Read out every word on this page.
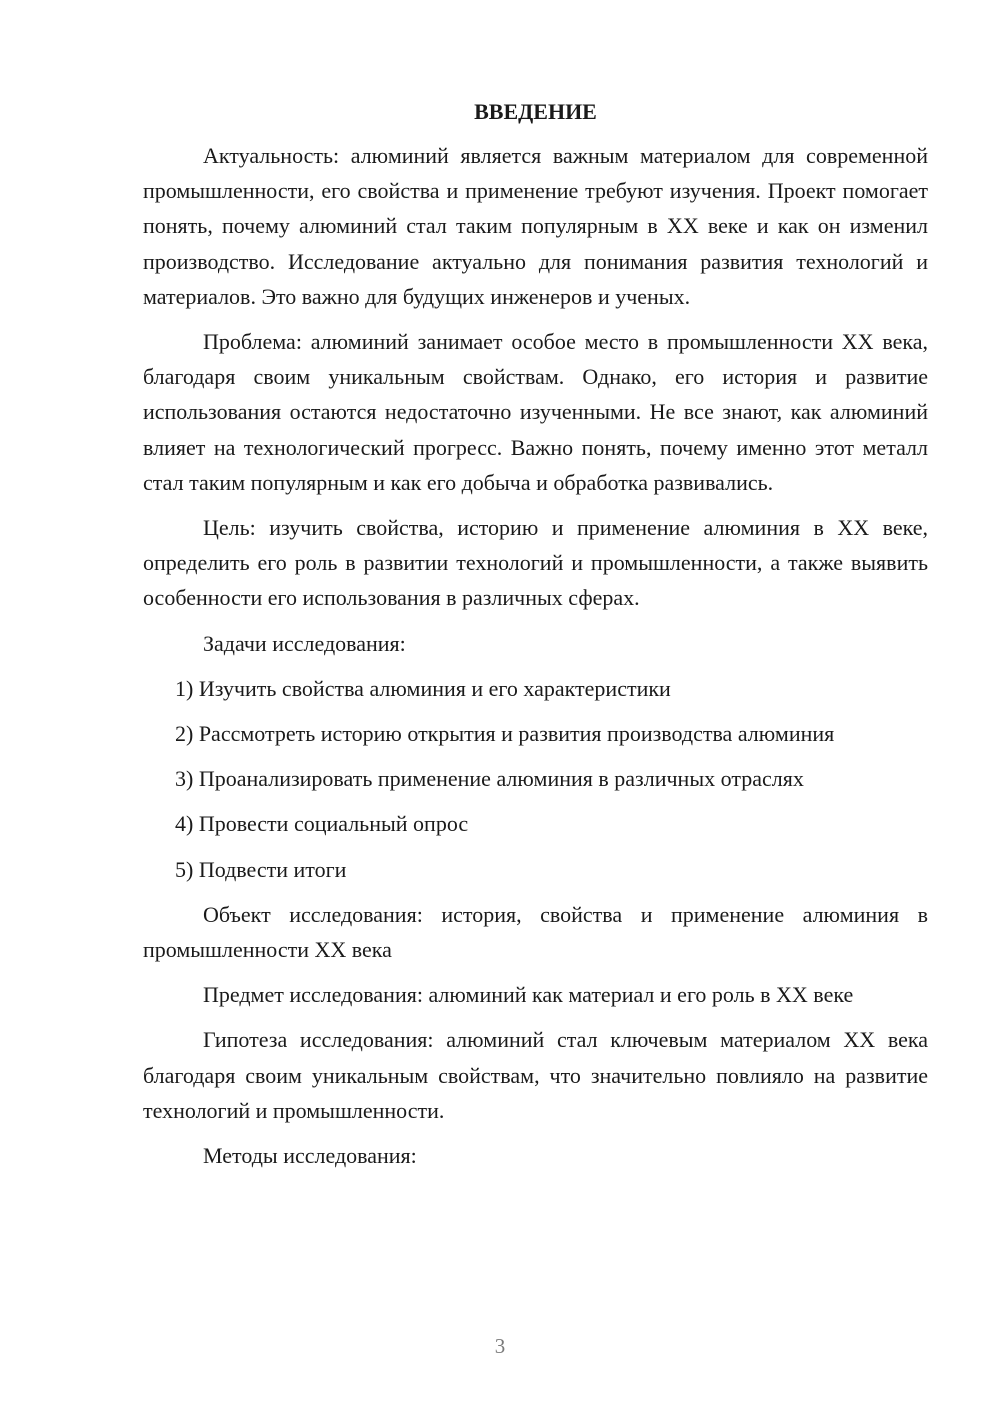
ВВЕДЕНИЕ

Актуальность: алюминий является важным материалом для современной промышленности, его свойства и применение требуют изучения. Проект помогает понять, почему алюминий стал таким популярным в XX веке и как он изменил производство. Исследование актуально для понимания развития технологий и материалов. Это важно для будущих инженеров и ученых.

Проблема: алюминий занимает особое место в промышленности XX века, благодаря своим уникальным свойствам. Однако, его история и развитие использования остаются недостаточно изученными. Не все знают, как алюминий влияет на технологический прогресс. Важно понять, почему именно этот металл стал таким популярным и как его добыча и обработка развивались.

Цель: изучить свойства, историю и применение алюминия в XX веке, определить его роль в развитии технологий и промышленности, а также выявить особенности его использования в различных сферах.

Задачи исследования:

1) Изучить свойства алюминия и его характеристики
2) Рассмотреть историю открытия и развития производства алюминия
3) Проанализировать применение алюминия в различных отраслях
4) Провести социальный опрос
5) Подвести итоги

Объект исследования: история, свойства и применение алюминия в промышленности XX века

Предмет исследования: алюминий как материал и его роль в XX веке

Гипотеза исследования: алюминий стал ключевым материалом XX века благодаря своим уникальным свойствам, что значительно повлияло на развитие технологий и промышленности.

Методы исследования:

3
